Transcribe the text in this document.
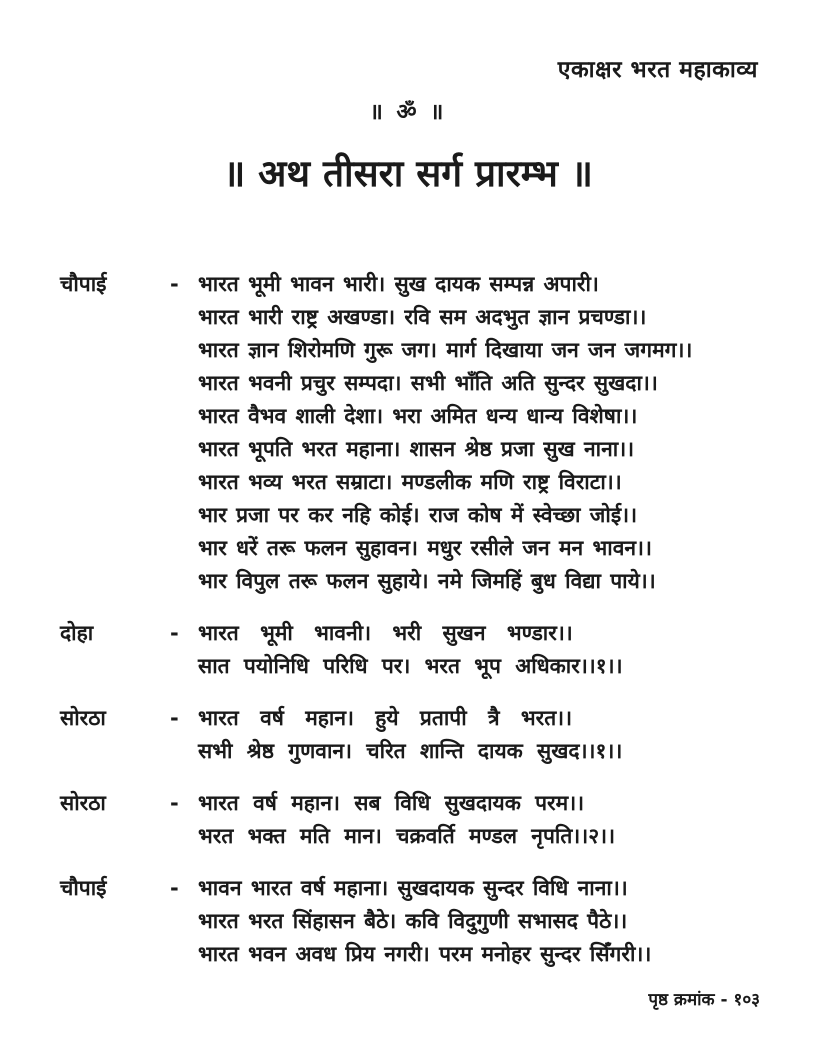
एकाक्षर भरत महाकाव्य
॥ ॐ ॥
॥ अथ तीसरा सर्ग प्रारम्भ ॥
चौपाई	- भारत भूमी भावन भारी। सुख दायक सम्पन्न अपारी।
भारत भारी राष्ट्र अखण्डा। रवि सम अदभुत ज्ञान प्रचण्डा।।
भारत ज्ञान शिरोमणि गुरू जग। मार्ग दिखाया जन जन जगमग।।
भारत भवनी प्रचुर सम्पदा। सभी भाँति अति सुन्दर सुखदा।।
भारत वैभव शाली देशा। भरा अमित धन्य धान्य विशेषा।।
भारत भूपति भरत महाना। शासन श्रेष्ठ प्रजा सुख नाना।।
भारत भव्य भरत सम्राटा। मण्डलीक मणि राष्ट्र विराटा।।
भार प्रजा पर कर नहि कोई। राज कोष में स्वेच्छा जोई।।
भार धरें तरू फलन सुहावन। मधुर रसीले जन मन भावन।।
भार विपुल तरू फलन सुहाये। नमे जिमहिं बुध विद्या पाये।।
दोहा	- भारत भूमी भावनी। भरी सुखन भण्डार।।
सात पयोनिधि परिधि पर। भरत भूप अधिकार।।१।।
सोरठा	- भारत वर्ष महान। हुये प्रतापी त्रै भरत।।
सभी श्रेष्ठ गुणवान। चरित शान्ति दायक सुखद।।१।।
सोरठा	- भारत वर्ष महान। सब विधि सुखदायक परम।।
भरत भक्त मति मान। चक्रवर्ति मण्डल नृपति।।२।।
चौपाई	- भावन भारत वर्ष महाना। सुखदायक सुन्दर विधि नाना।।
भारत भरत सिंहासन बैठे। कवि विदुगुणी सभासद पैठे।।
भारत भवन अवध प्रिय नगरी। परम मनोहर सुन्दर सिँगरी।।
पृष्ठ क्रमांक - १०३
